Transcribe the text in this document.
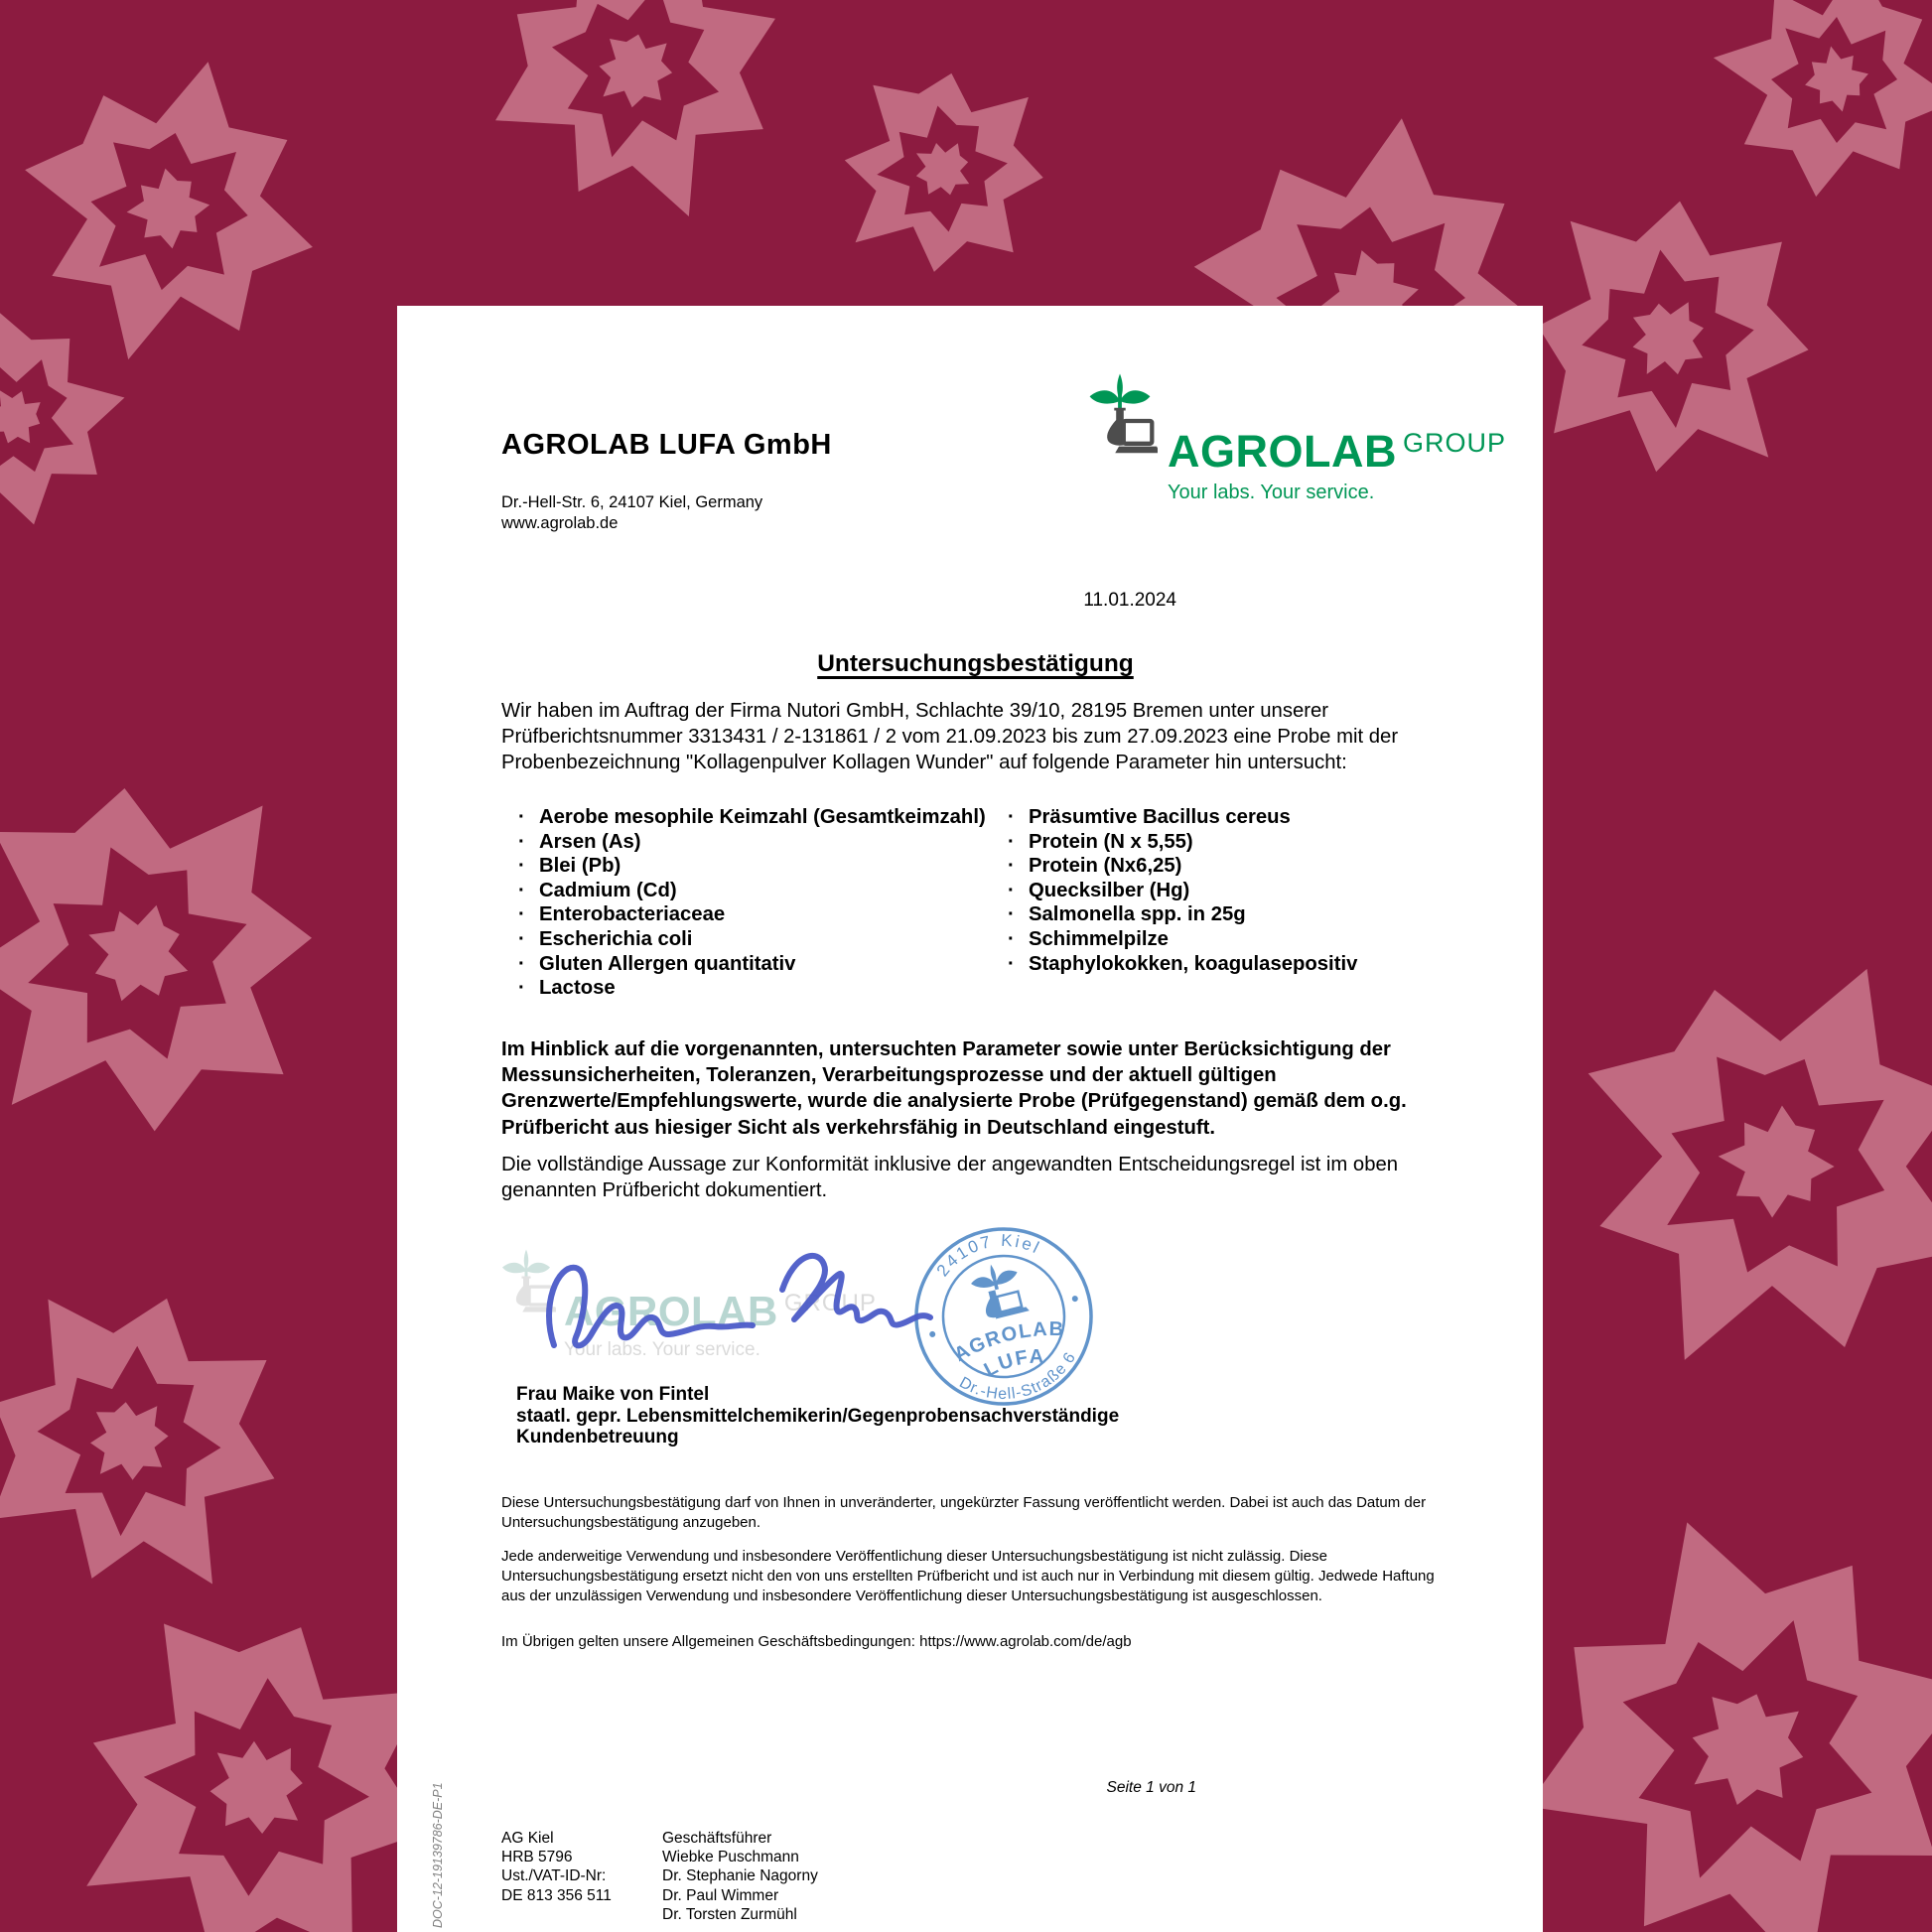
AGROLAB LUFA GmbH
Dr.-Hell-Str. 6, 24107 Kiel, Germany
www.agrolab.de
AGROLAB GROUP
Your labs. Your service.
11.01.2024
Untersuchungsbestätigung

Wir haben im Auftrag der Firma Nutori GmbH, Schlachte 39/10, 28195 Bremen unter unserer Prüfberichtsnummer 3313431 / 2-131861 / 2 vom 21.09.2023 bis zum 27.09.2023 eine Probe mit der Probenbezeichnung "Kollagenpulver Kollagen Wunder" auf folgende Parameter hin untersucht:

· Aerobe mesophile Keimzahl (Gesamtkeimzahl)
· Arsen (As)
· Blei (Pb)
· Cadmium (Cd)
· Enterobacteriaceae
· Escherichia coli
· Gluten Allergen quantitativ
· Lactose
· Präsumtive Bacillus cereus
· Protein (N x 5,55)
· Protein (Nx6,25)
· Quecksilber (Hg)
· Salmonella spp. in 25g
· Schimmelpilze
· Staphylokokken, koagulasepositiv

Im Hinblick auf die vorgenannten, untersuchten Parameter sowie unter Berücksichtigung der Messunsicherheiten, Toleranzen, Verarbeitungsprozesse und der aktuell gültigen Grenzwerte/Empfehlungswerte, wurde die analysierte Probe (Prüfgegenstand) gemäß dem o.g. Prüfbericht aus hiesiger Sicht als verkehrsfähig in Deutschland eingestuft.

Die vollständige Aussage zur Konformität inklusive der angewandten Entscheidungsregel ist im oben genannten Prüfbericht dokumentiert.

AGROLAB GROUP
Your labs. Your service.
24107 Kiel
Dr.-Hell-Straße 6
AGROLAB
LUFA
Frau Maike von Fintel
staatl. gepr. Lebensmittelchemikerin/Gegenprobensachverständige
Kundenbetreuung

Diese Untersuchungsbestätigung darf von Ihnen in unveränderter, ungekürzter Fassung veröffentlicht werden. Dabei ist auch das Datum der Untersuchungsbestätigung anzugeben.

Jede anderweitige Verwendung und insbesondere Veröffentlichung dieser Untersuchungsbestätigung ist nicht zulässig. Diese Untersuchungsbestätigung ersetzt nicht den von uns erstellten Prüfbericht und ist auch nur in Verbindung mit diesem gültig. Jedwede Haftung aus der unzulässigen Verwendung und insbesondere Veröffentlichung dieser Untersuchungsbestätigung ist ausgeschlossen.

Im Übrigen gelten unsere Allgemeinen Geschäftsbedingungen: https://www.agrolab.com/de/agb

Seite 1 von 1
DOC-12-19139786-DE-P1	AG Kiel
HRB 5796
Ust./VAT-ID-Nr:
DE 813 356 511
Geschäftsführer
Wiebke Puschmann
Dr. Stephanie Nagorny
Dr. Paul Wimmer
Dr. Torsten Zurmühl
